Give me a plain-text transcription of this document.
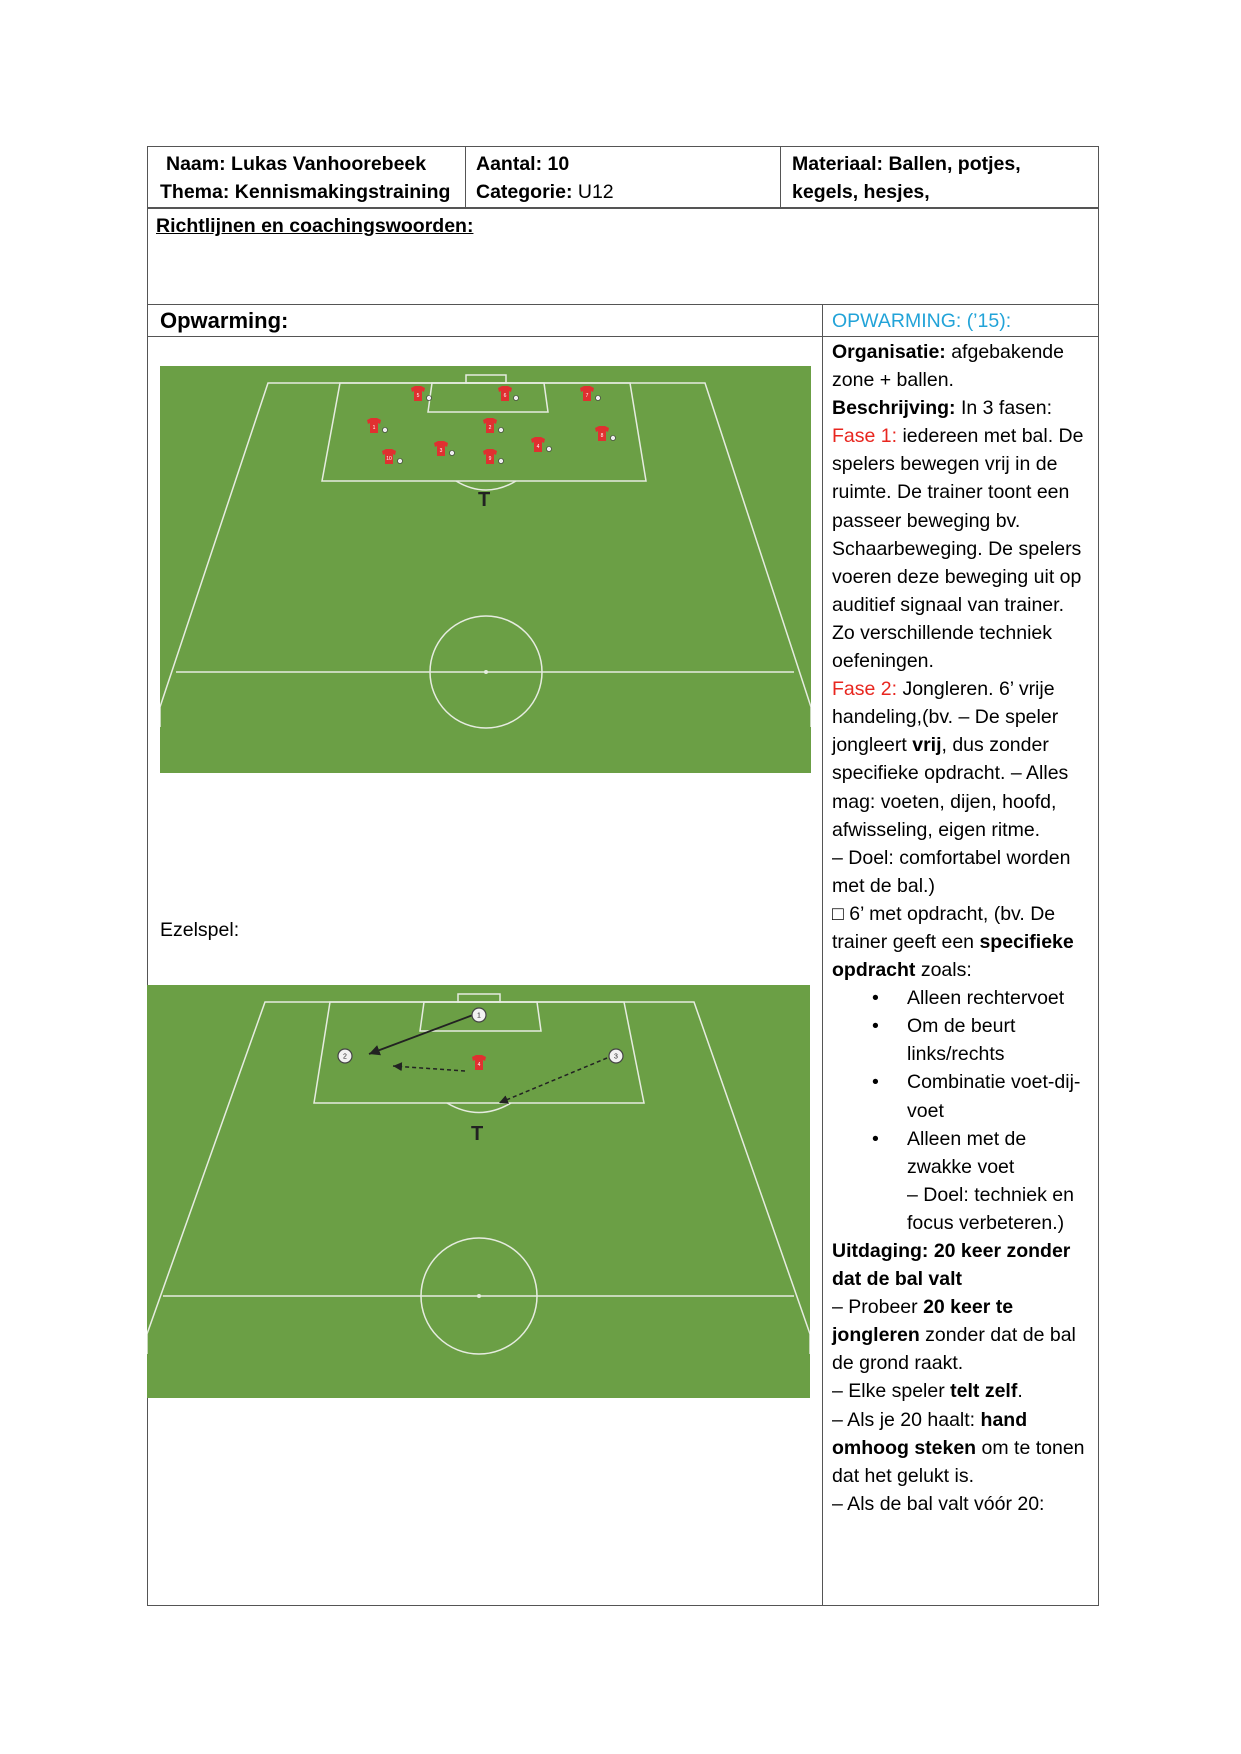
Naam: Lukas Vanhoorebeek
Thema: Kennismakingstraining
Aantal: 10
Categorie: U12
Materiaal: Ballen, potjes,
kegels, hesjes,
Richtlijnen en coachingswoorden:
Opwarming:	OPWARMING: (’15):
T
5	6	7
1	2
4
10
3
9
8
Ezelspel:
T
1
2	3
4

Organisatie: afgebakende zone + ballen.

Beschrijving: In 3 fasen:

Fase 1: iedereen met bal. De spelers bewegen vrij in de ruimte. De trainer toont een passeer beweging bv. Schaarbeweging. De spelers voeren deze beweging uit op auditief signaal van trainer. Zo verschillende techniek oefeningen.

Fase 2: Jongleren. 6’ vrije handeling,(bv. – De speler jongleert vrij, dus zonder specifieke opdracht. – Alles mag: voeten, dijen, hoofd, afwisseling, eigen ritme.

– Doel: comfortabel worden met de bal.)

□ 6’ met opdracht, (bv. De trainer geeft een specifieke opdracht zoals:

• Alleen rechtervoet
• Om de beurt links/rechts
• Combinatie voet-dij-voet
• Alleen met de zwakke voet

– Doel: techniek en focus verbeteren.)

Uitdaging: 20 keer zonder dat de bal valt

– Probeer 20 keer te jongleren zonder dat de bal de grond raakt.

– Elke speler telt zelf.

– Als je 20 haalt: hand omhoog steken om te tonen dat het gelukt is.

– Als de bal valt vóór 20:
